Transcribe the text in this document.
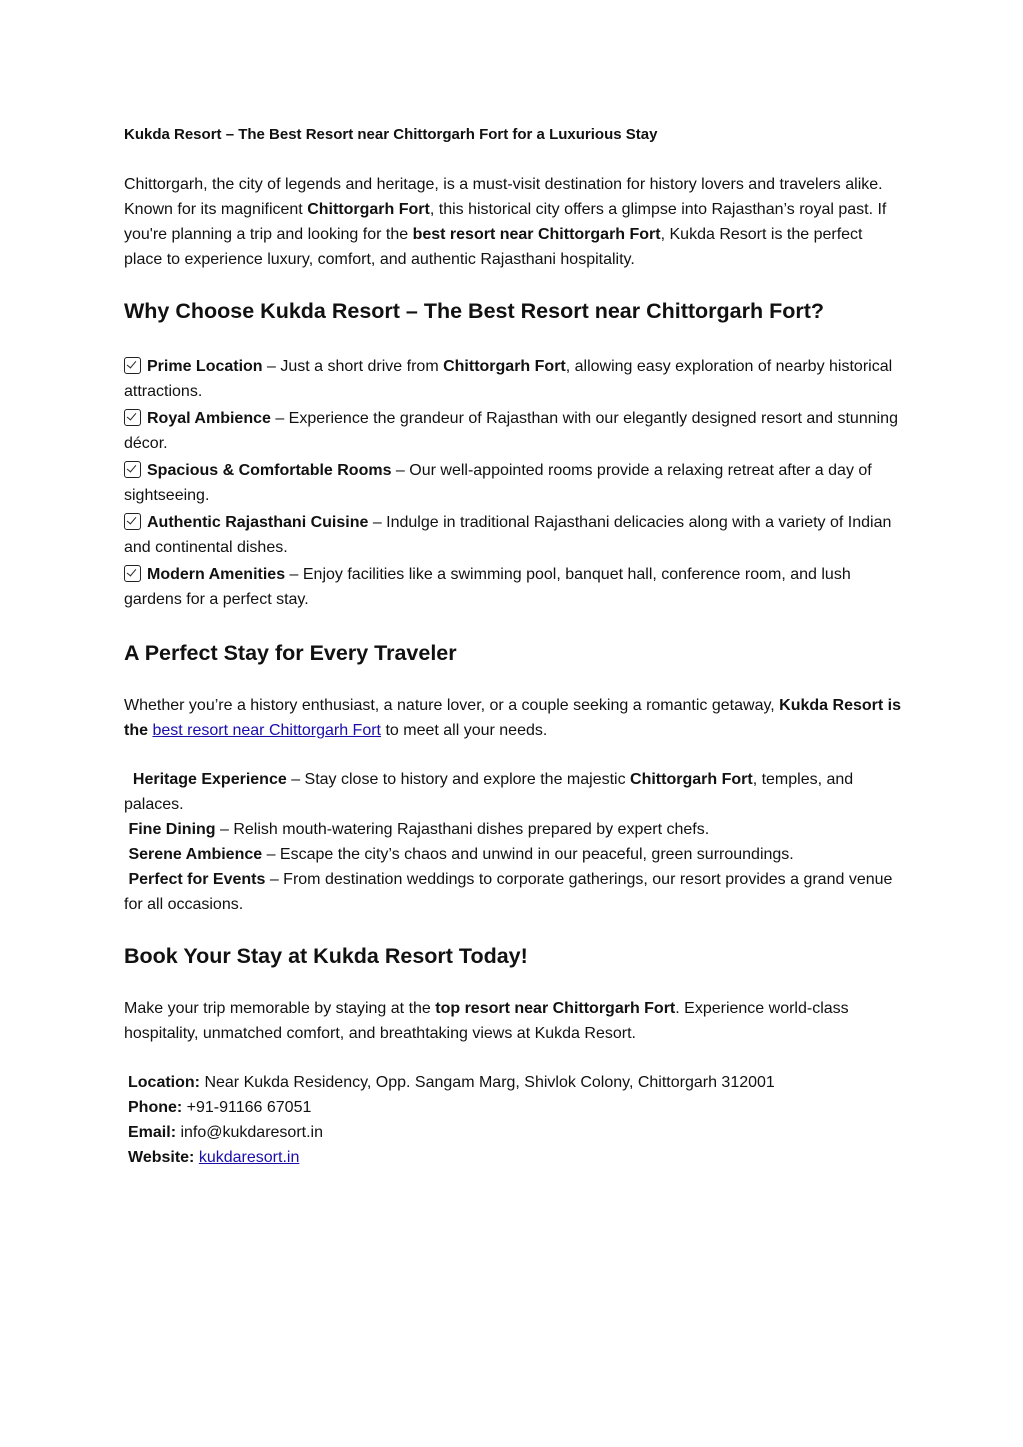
Kukda Resort – The Best Resort near Chittorgarh Fort for a Luxurious Stay

Chittorgarh, the city of legends and heritage, is a must-visit destination for history lovers and travelers alike. Known for its magnificent Chittorgarh Fort, this historical city offers a glimpse into Rajasthan’s royal past. If you're planning a trip and looking for the best resort near Chittorgarh Fort, Kukda Resort is the perfect place to experience luxury, comfort, and authentic Rajasthani hospitality.

Why Choose Kukda Resort – The Best Resort near Chittorgarh Fort?
Prime Location – Just a short drive from Chittorgarh Fort, allowing easy exploration of nearby historical attractions.
Royal Ambience – Experience the grandeur of Rajasthan with our elegantly designed resort and stunning décor.
Spacious & Comfortable Rooms – Our well-appointed rooms provide a relaxing retreat after a day of sightseeing.
Authentic Rajasthani Cuisine – Indulge in traditional Rajasthani delicacies along with a variety of Indian and continental dishes.
Modern Amenities – Enjoy facilities like a swimming pool, banquet hall, conference room, and lush gardens for a perfect stay.
A Perfect Stay for Every Traveler

Whether you’re a history enthusiast, a nature lover, or a couple seeking a romantic getaway, Kukda Resort is the best resort near Chittorgarh Fort to meet all your needs.

Heritage Experience – Stay close to history and explore the majestic Chittorgarh Fort, temples, and palaces.
Fine Dining – Relish mouth-watering Rajasthani dishes prepared by expert chefs.
Serene Ambience – Escape the city’s chaos and unwind in our peaceful, green surroundings.
Perfect for Events – From destination weddings to corporate gatherings, our resort provides a grand venue for all occasions.
Book Your Stay at Kukda Resort Today!

Make your trip memorable by staying at the top resort near Chittorgarh Fort. Experience world-class hospitality, unmatched comfort, and breathtaking views at Kukda Resort.

Location: Near Kukda Residency, Opp. Sangam Marg, Shivlok Colony, Chittorgarh 312001
Phone: +91-91166 67051
Email: info@kukdaresort.in
Website: kukdaresort.in
